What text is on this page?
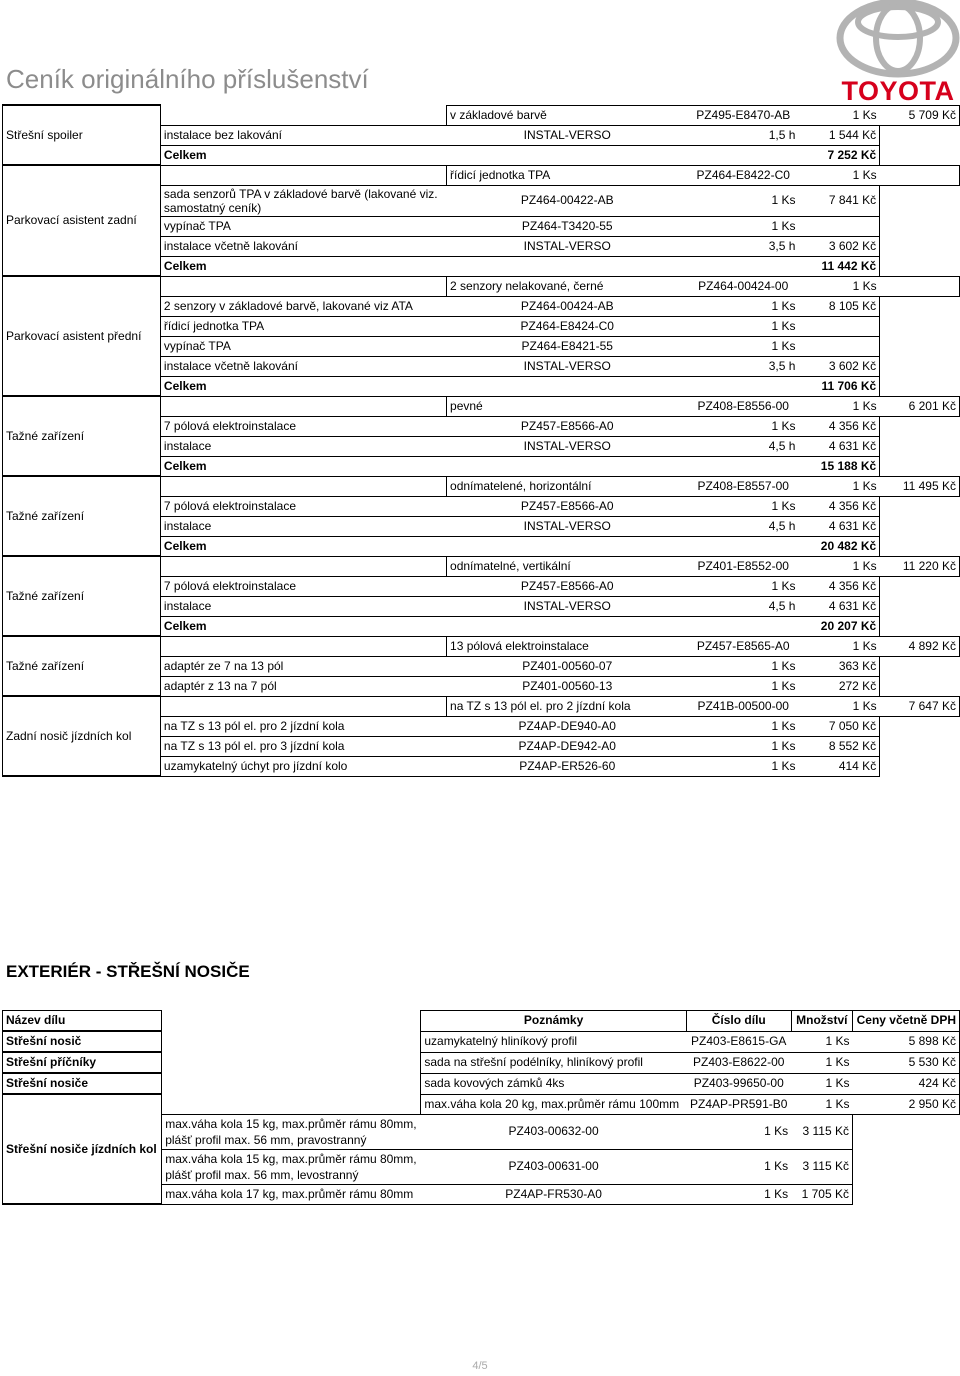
Ceník originálního příslušenství	TOYOTA
Střešní spoiler		v základové barvě	PZ495-E8470-AB	1 Ks	5 709 Kč
	instalace bez lakování	INSTAL-VERSO	1,5 h	1 544 Kč	
	Celkem			7 252 Kč	
Parkovací asistent zadní		řídicí jednotka TPA	PZ464-E8422-C0	1 Ks	
	sada senzorů TPA v základové barvě (lakované viz. samostatný ceník)	PZ464-00422-AB	1 Ks	7 841 Kč	
	vypínač TPA	PZ464-T3420-55	1 Ks		
	instalace včetně lakování	INSTAL-VERSO	3,5 h	3 602 Kč	
	Celkem			11 442 Kč	
Parkovací asistent přední		2 senzory nelakované, černé	PZ464-00424-00	1 Ks	
	2 senzory v základové barvě, lakované viz ATA	PZ464-00424-AB	1 Ks	8 105 Kč	
	řídicí jednotka TPA	PZ464-E8424-C0	1 Ks		
	vypínač TPA	PZ464-E8421-55	1 Ks		
	instalace včetně lakování	INSTAL-VERSO	3,5 h	3 602 Kč	
	Celkem			11 706 Kč	
Tažné zařízení		pevné	PZ408-E8556-00	1 Ks	6 201 Kč
	7 pólová elektroinstalace	PZ457-E8566-A0	1 Ks	4 356 Kč	
	instalace	INSTAL-VERSO	4,5 h	4 631 Kč	
	Celkem			15 188 Kč	
Tažné zařízení		odnímatelené, horizontální	PZ408-E8557-00	1 Ks	11 495 Kč
	7 pólová elektroinstalace	PZ457-E8566-A0	1 Ks	4 356 Kč	
	instalace	INSTAL-VERSO	4,5 h	4 631 Kč	
	Celkem			20 482 Kč	
Tažné zařízení		odnímatelné, vertikální	PZ401-E8552-00	1 Ks	11 220 Kč
	7 pólová elektroinstalace	PZ457-E8566-A0	1 Ks	4 356 Kč	
	instalace	INSTAL-VERSO	4,5 h	4 631 Kč	
	Celkem			20 207 Kč	
Tažné zařízení		13 pólová elektroinstalace	PZ457-E8565-A0	1 Ks	4 892 Kč
	adaptér ze 7 na 13 pól	PZ401-00560-07	1 Ks	363 Kč	
	adaptér z 13 na 7 pól	PZ401-00560-13	1 Ks	272 Kč	
Zadní nosič jízdních kol		na TZ s 13 pól el. pro 2 jízdní kola	PZ41B-00500-00	1 Ks	7 647 Kč
	na TZ s 13 pól el. pro 2 jízdní kola	PZ4AP-DE940-A0	1 Ks	7 050 Kč	
	na TZ s 13 pól el. pro 3 jízdní kola	PZ4AP-DE942-A0	1 Ks	8 552 Kč	
	uzamykatelný úchyt pro jízdní kolo	PZ4AP-ER526-60	1 Ks	414 Kč	
EXTERIÉR - STŘEŠNÍ NOSIČE
Název dílu		Poznámky	Číslo dílu	Množství	Ceny včetně DPH
Střešní nosič		uzamykatelný hliníkový profil	PZ403-E8615-GA	1 Ks	5 898 Kč
Střešní příčníky		sada na střešní podélníky, hliníkový profil	PZ403-E8622-00	1 Ks	5 530 Kč
Střešní nosiče		sada kovových zámků 4ks	PZ403-99650-00	1 Ks	424 Kč
Střešní nosiče jízdních kol		max.váha kola 20 kg, max.průměr rámu 100mm	PZ4AP-PR591-B0	1 Ks	2 950 Kč
	max.váha kola 15 kg, max.průměr rámu 80mm, plášť profil max. 56 mm, pravostranný	PZ403-00632-00	1 Ks	3 115 Kč	
	max.váha kola 15 kg, max.průměr rámu 80mm, plášť profil max. 56 mm, levostranný	PZ403-00631-00	1 Ks	3 115 Kč	
	max.váha kola 17 kg, max.průměr rámu 80mm	PZ4AP-FR530-A0	1 Ks	1 705 Kč	
4/5
